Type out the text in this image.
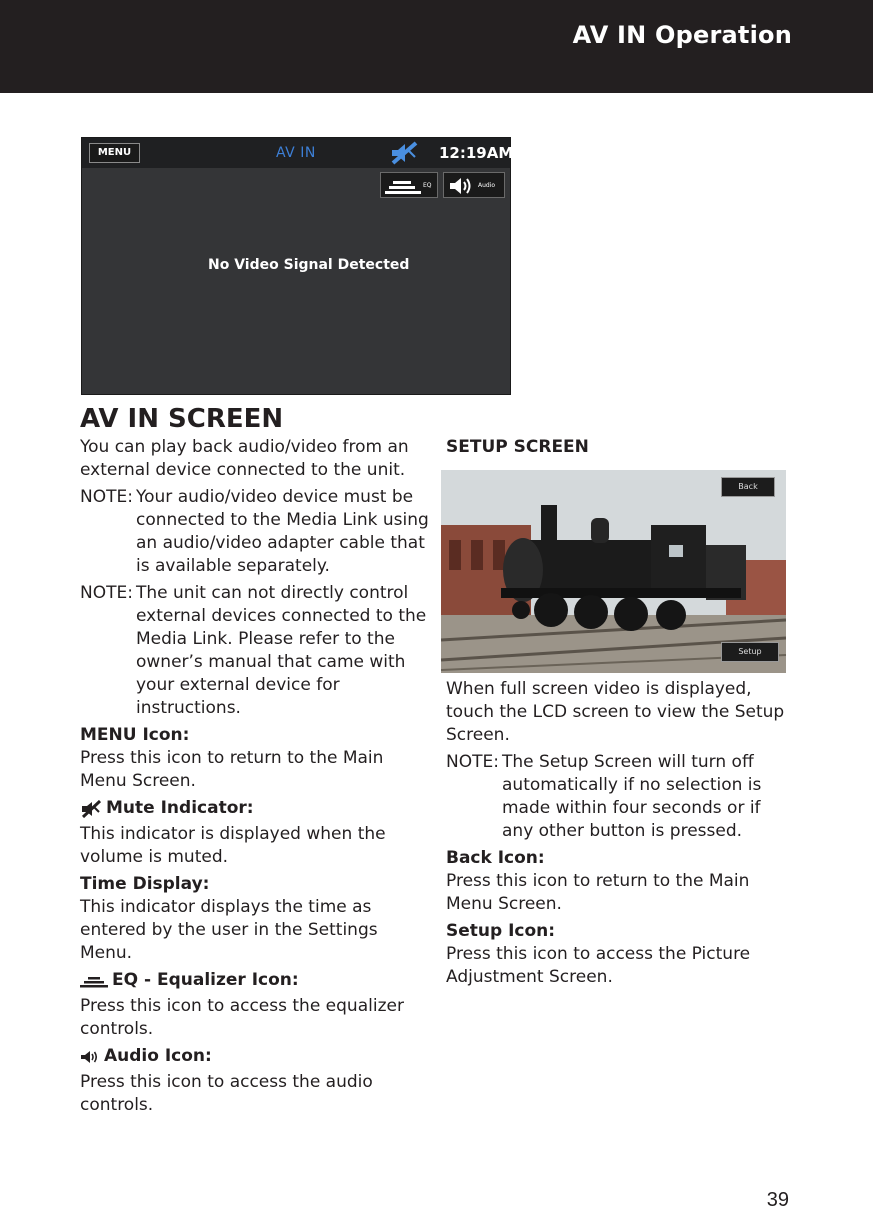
AV IN Operation
MENU	AV IN	12:19AM
EQ	Audio
No Video Signal Detected
Back
Setup
AV IN SCREEN
You can play back audio/video from an external device connected to the unit.
NOTE: Your audio/video device must be connected to the Media Link using an audio/video adapter cable that is available separately.
NOTE: The unit can not directly control external devices connected to the Media Link. Please refer to the owner’s manual that came with your external device for instructions.
MENU Icon:
Press this icon to return to the Main Menu Screen.
Mute Indicator:
This indicator is displayed when the volume is muted.
Time Display:
This indicator displays the time as entered by the user in the Settings Menu.
EQ - Equalizer Icon:
Press this icon to access the equalizer controls.
Audio Icon:
Press this icon to access the audio controls.
SETUP SCREEN
When full screen video is displayed, touch the LCD screen to view the Setup Screen.
NOTE: The Setup Screen will turn off automatically if no selection is made within four seconds or if any other button is pressed.
Back Icon:
Press this icon to return to the Main Menu Screen.
Setup Icon:
Press this icon to access the Picture Adjustment Screen.
39
